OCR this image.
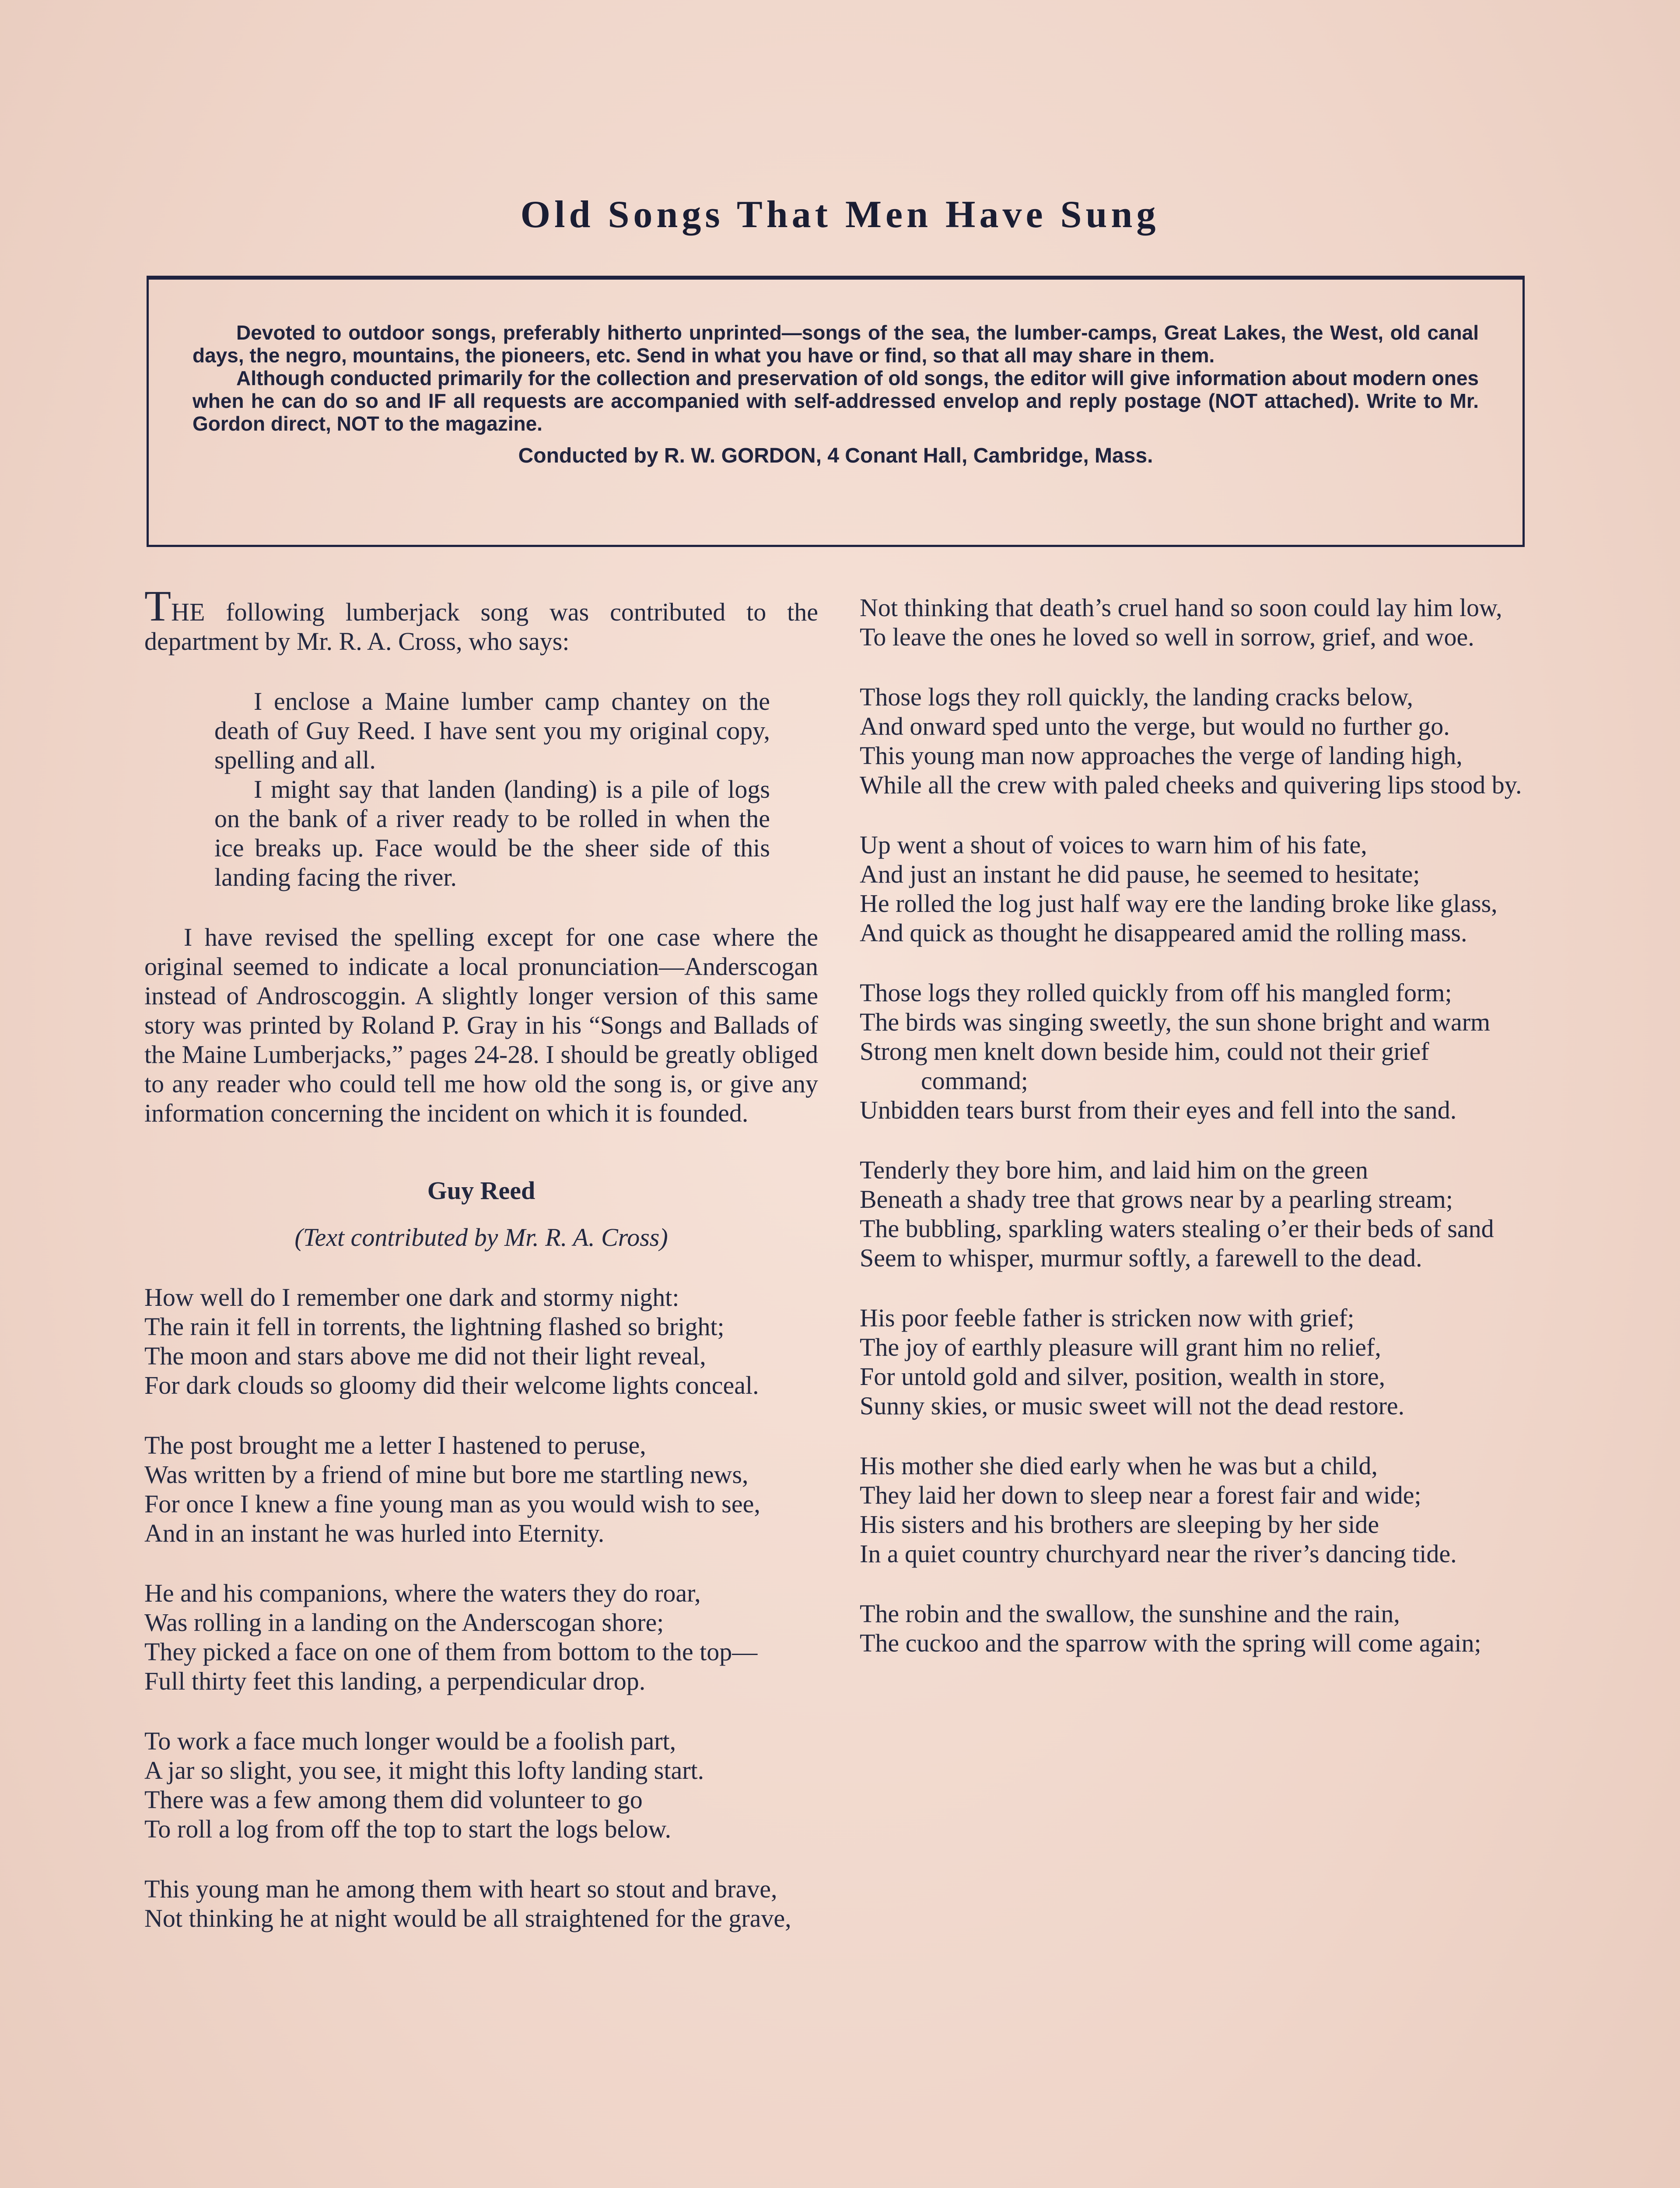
Old Songs That Men Have Sung

Devoted to outdoor songs, preferably hitherto unprinted—songs of the sea, the lumber-camps, Great Lakes, the West, old canal days, the negro, mountains, the pioneers, etc. Send in what you have or find, so that all may share in them.

Although conducted primarily for the collection and preservation of old songs, the editor will give information about modern ones when he can do so and IF all requests are accompanied with self-addressed envelop and reply postage (NOT attached). Write to Mr. Gordon direct, NOT to the magazine.

Conducted by R. W. GORDON, 4 Conant Hall, Cambridge, Mass.

THE following lumberjack song was contributed to the department by Mr. R. A. Cross, who says:

I enclose a Maine lumber camp chantey on the death of Guy Reed. I have sent you my original copy, spelling and all.

I might say that landen (landing) is a pile of logs on the bank of a river ready to be rolled in when the ice breaks up. Face would be the sheer side of this landing facing the river.

I have revised the spelling except for one case where the original seemed to indicate a local pronunciation—Anderscogan instead of Androscoggin. A slightly longer version of this same story was printed by Roland P. Gray in his “Songs and Ballads of the Maine Lumberjacks,” pages 24-28. I should be greatly obliged to any reader who could tell me how old the song is, or give any information concerning the incident on which it is founded.

Guy Reed

(Text contributed by Mr. R. A. Cross)

How well do I remember one dark and stormy night:
The rain it fell in torrents, the lightning flashed so bright;
The moon and stars above me did not their light reveal,
For dark clouds so gloomy did their welcome lights conceal.
The post brought me a letter I hastened to peruse,
Was written by a friend of mine but bore me startling news,
For once I knew a fine young man as you would wish to see,
And in an instant he was hurled into Eternity.
He and his companions, where the waters they do roar,
Was rolling in a landing on the Anderscogan shore;
They picked a face on one of them from bottom to the top—
Full thirty feet this landing, a perpendicular drop.
To work a face much longer would be a foolish part,
A jar so slight, you see, it might this lofty landing start.
There was a few among them did volunteer to go
To roll a log from off the top to start the logs below.
This young man he among them with heart so stout and brave,
Not thinking he at night would be all straightened for the grave,
Not thinking that death’s cruel hand so soon could lay him low,
To leave the ones he loved so well in sorrow, grief, and woe.
Those logs they roll quickly, the landing cracks below,
And onward sped unto the verge, but would no further go.
This young man now approaches the verge of landing high,
While all the crew with paled cheeks and quivering lips stood by.
Up went a shout of voices to warn him of his fate,
And just an instant he did pause, he seemed to hesitate;
He rolled the log just half way ere the landing broke like glass,
And quick as thought he disappeared amid the rolling mass.
Those logs they rolled quickly from off his mangled form;
The birds was singing sweetly, the sun shone bright and warm
Strong men knelt down beside him, could not their grief command;
Unbidden tears burst from their eyes and fell into the sand.
Tenderly they bore him, and laid him on the green
Beneath a shady tree that grows near by a pearling stream;
The bubbling, sparkling waters stealing o’er their beds of sand
Seem to whisper, murmur softly, a farewell to the dead.
His poor feeble father is stricken now with grief;
The joy of earthly pleasure will grant him no relief,
For untold gold and silver, position, wealth in store,
Sunny skies, or music sweet will not the dead restore.
His mother she died early when he was but a child,
They laid her down to sleep near a forest fair and wide;
His sisters and his brothers are sleeping by her side
In a quiet country churchyard near the river’s dancing tide.
The robin and the swallow, the sunshine and the rain,
The cuckoo and the sparrow with the spring will come again;
